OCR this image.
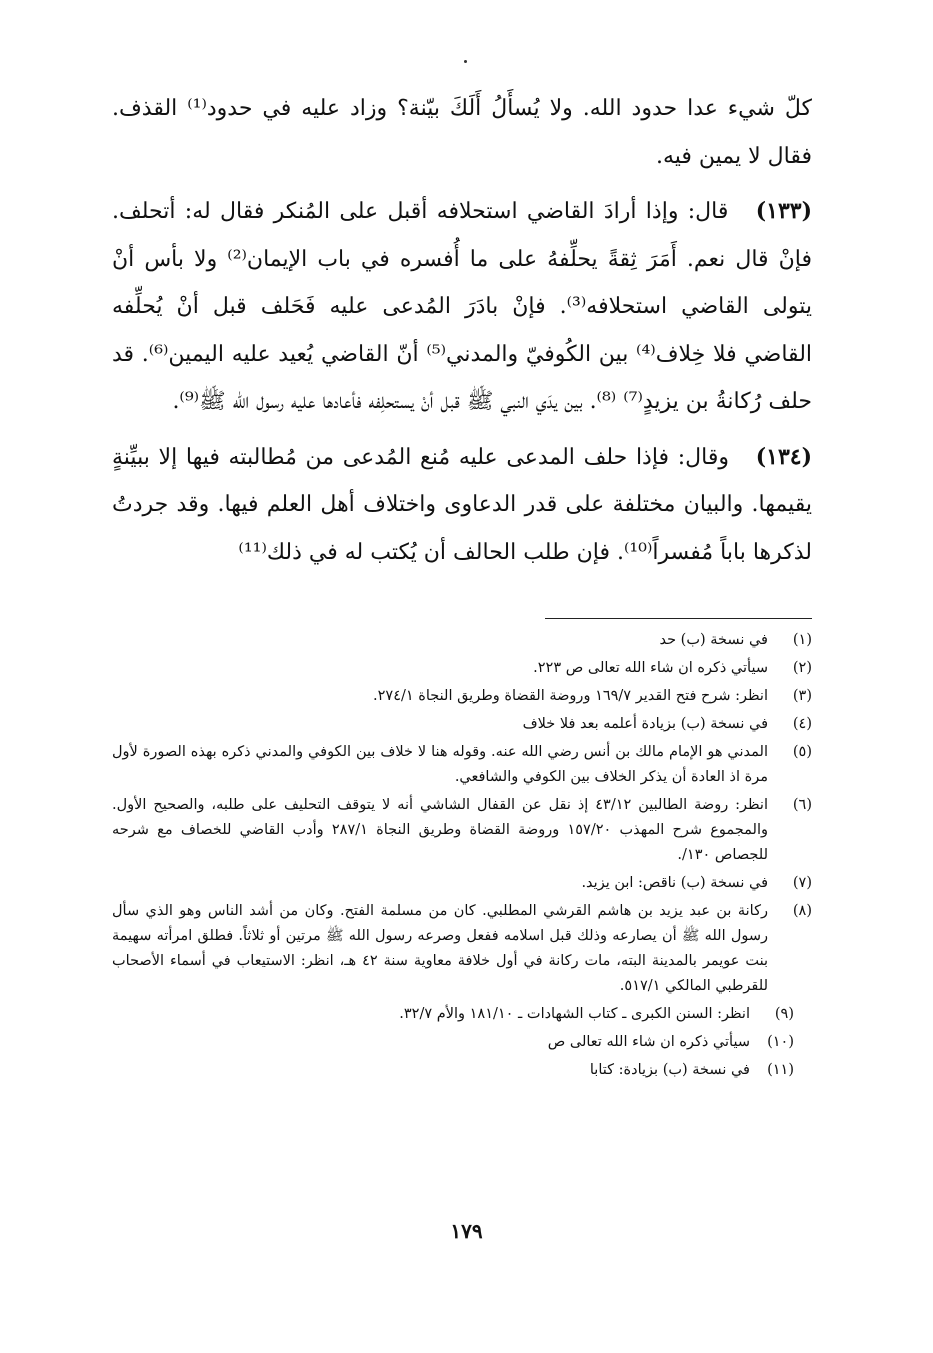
كلّ شيء عدا حدود الله. ولا يُسأَلُ أَلَكَ بيّنة؟ وزاد عليه في حدود⁽¹⁾ القذف. فقال لا يمين فيه.

(١٣٣) قال: وإذا أرادَ القاضي استحلافه أقبل على المُنكر فقال له: أتحلف. فإنْ قال نعم. أَمَرَ ثِقةً يحلِّفهُ على ما أُفسره في باب الإيمان⁽²⁾ ولا بأس أنْ يتولى القاضي استحلافه⁽³⁾. فإنْ بادَرَ المُدعى عليه فَحَلف قبل أنْ يُحلِّفه القاضي فلا خِلاف⁽⁴⁾ بين الكُوفيّ والمدني⁽⁵⁾ أنّ القاضي يُعيد عليه اليمين⁽⁶⁾. قد حلف رُكانةُ بن يزيدٍ⁽⁷⁾ ⁽⁸⁾. بين يدَي النبي ﷺ قبل أنْ يستحلِفه فأعادها عليه رسول الله ﷺ⁽⁹⁾.

(١٣٤) وقال: فإذا حلف المدعى عليه مُنع المُدعى من مُطالبته فيها إلا ببيِّنةٍ يقيمها. والبيان مختلفة على قدر الدعاوى واختلاف أهل العلم فيها. وقد جردتُ لذكرها باباً مُفسراً⁽¹⁰⁾. فإن طلب الحالف أن يُكتب له في ذلك⁽¹¹⁾

(١)
في نسخة (ب) حد
(٢)
سيأتي ذكره ان شاء الله تعالى ص ٢٢٣.
(٣)
انظر: شرح فتح القدير ١٦٩/٧ وروضة القضاة وطريق النجاة ٢٧٤/١.
(٤)
في نسخة (ب) بزيادة أعلمه بعد فلا خلاف
(٥)
المدني هو الإمام مالك بن أنس رضي الله عنه. وقوله هنا لا خلاف بين الكوفي والمدني ذكره بهذه الصورة لأول مرة اذ العادة أن يذكر الخلاف بين الكوفي والشافعي.
(٦)
انظر: روضة الطالبين ٤٣/١٢ إذ نقل عن القفال الشاشي أنه لا يتوقف التحليف على طلبه، والصحيح الأول. والمجموع شرح المهذب ١٥٧/٢٠ وروضة القضاة وطريق النجاة ٢٨٧/١ وأدب القاضي للخصاف مع شرحه للجصاص ١٣٠/.
(٧)
في نسخة (ب) ناقص: ابن يزيد.
(٨)
ركانة بن عبد يزيد بن هاشم القرشي المطلبي. كان من مسلمة الفتح. وكان من أشد الناس وهو الذي سأل رسول الله ﷺ أن يصارعه وذلك قبل اسلامه ففعل وصرعه رسول الله ﷺ مرتين أو ثلاثاً. فطلق امرأته سهيمة بنت عويمر بالمدينة البته، مات ركانة في أول خلافة معاوية سنة ٤٢ هـ، انظر: الاستيعاب في أسماء الأصحاب للقرطبي المالكي ٥١٧/١.
(٩)
انظر: السنن الكبرى ـ كتاب الشهادات ـ ١٨١/١٠ والأم ٣٢/٧.
(١٠)
سيأتي ذكره ان شاء الله تعالى ص
(١١)
في نسخة (ب) بزيادة: كتابا
١٧٩
